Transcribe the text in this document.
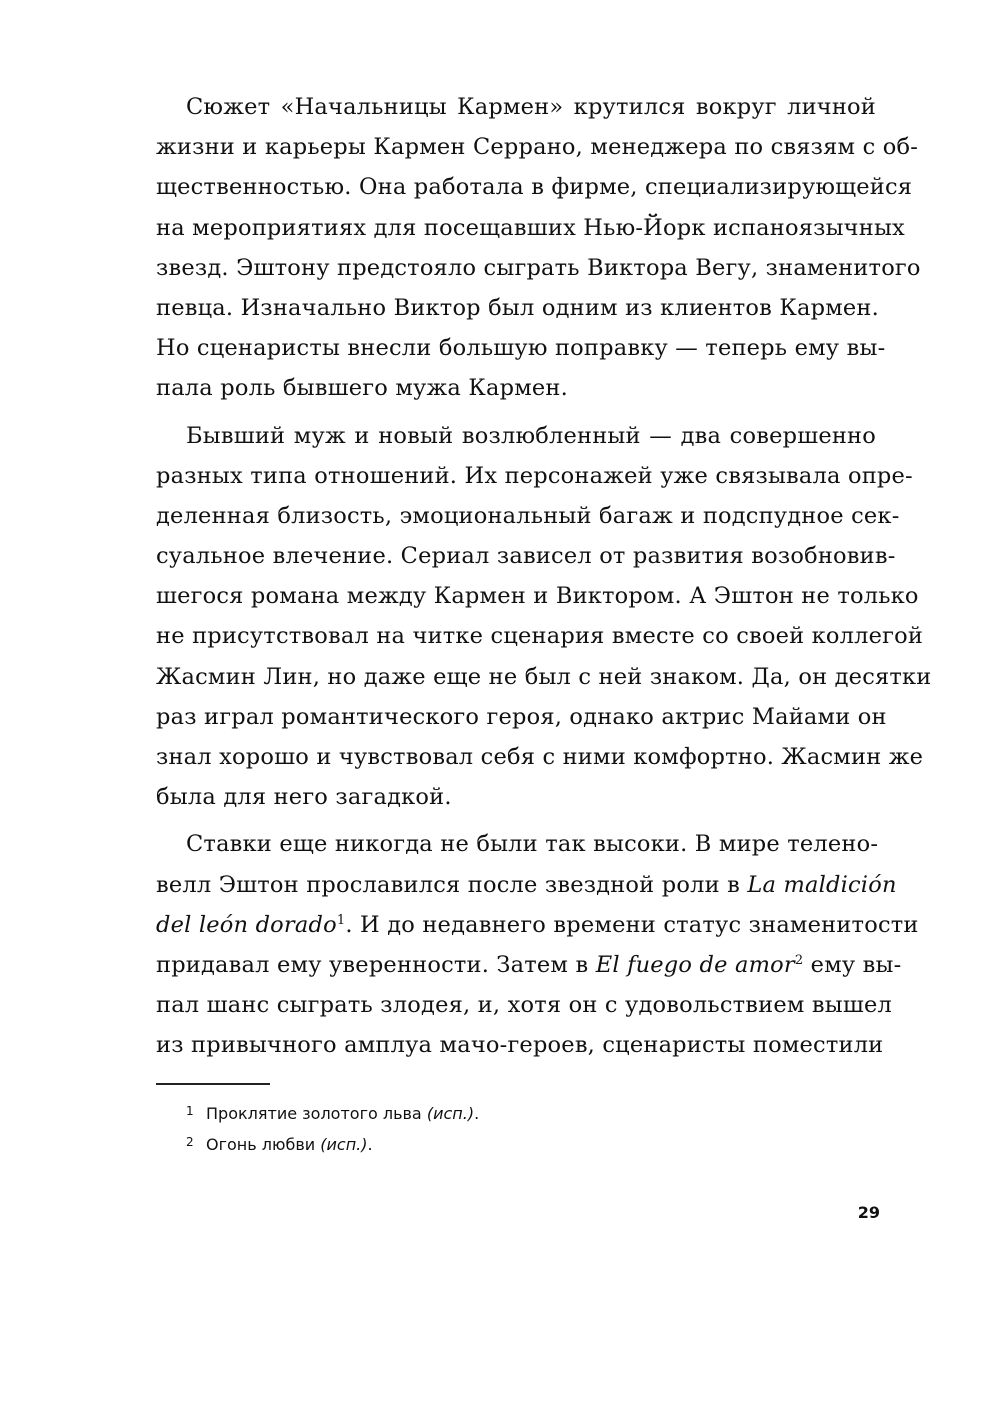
Сюжет «Начальницы Кармен» крутился вокруг личной
жизни и карьеры Кармен Серрано, менеджера по связям с об-
щественностью. Она работала в фирме, специализирующейся
на мероприятиях для посещавших Нью-Йорк испаноязычных
звезд. Эштону предстояло сыграть Виктора Вегу, знаменитого
певца. Изначально Виктор был одним из клиентов Кармен.
Но сценаристы внесли большую поправку — теперь ему вы-
пала роль бывшего мужа Кармен.
Бывший муж и новый возлюбленный — два совершенно
разных типа отношений. Их персонажей уже связывала опре-
деленная близость, эмоциональный багаж и подспудное сек-
суальное влечение. Сериал зависел от развития возобновив-
шегося романа между Кармен и Виктором. А Эштон не только
не присутствовал на читке сценария вместе со своей коллегой
Жасмин Лин, но даже еще не был с ней знаком. Да, он десятки
раз играл романтического героя, однако актрис Майами он
знал хорошо и чувствовал себя с ними комфортно. Жасмин же
была для него загадкой.
Ставки еще никогда не были так высоки. В мире телено-
велл Эштон прославился после звездной роли в La maldición
del león dorado$^1$. И до недавнего времени статус знаменитости
придавал ему уверенности. Затем в El fuego de amor$^2$ ему вы-
пал шанс сыграть злодея, и, хотя он с удовольствием вышел
из привычного амплуа мачо-героев, сценаристы поместили
1 Проклятие золотого льва (исп.).
2 Огонь любви (исп.).
29
